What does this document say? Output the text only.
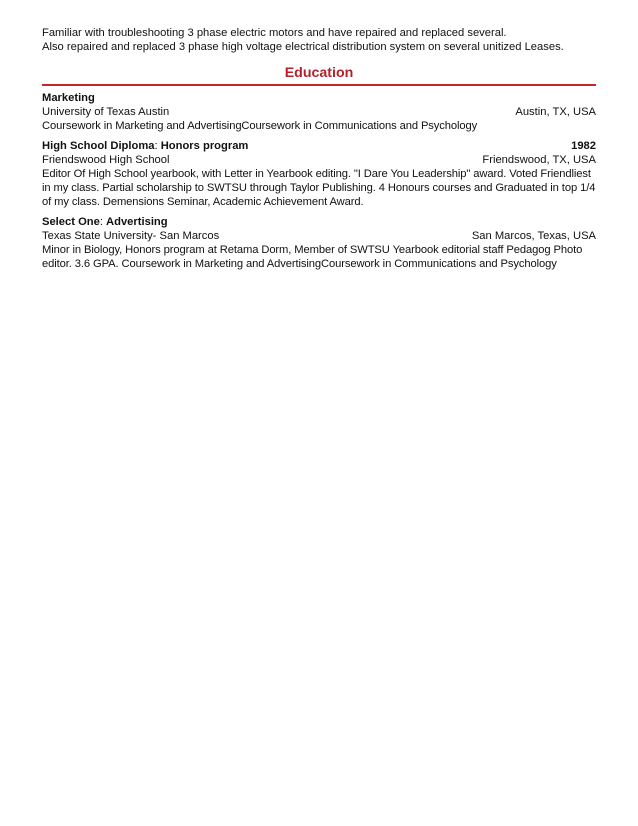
Familiar with troubleshooting 3 phase electric motors and have repaired and replaced several.
Also repaired and replaced 3 phase high voltage electrical distribution system on several unitized Leases.
Education
Marketing
University of Texas Austin	Austin, TX, USA
Coursework in Marketing and AdvertisingCoursework in Communications and Psychology
High School Diploma: Honors program	1982
Friendswood High School	Friendswood, TX, USA
Editor Of High School yearbook, with Letter in Yearbook editing. "I Dare You Leadership" award. Voted Friendliest in my class. Partial scholarship to SWTSU through Taylor Publishing. 4 Honours courses and Graduated in top 1/4 of my class. Demensions Seminar, Academic Achievement Award.
Select One: Advertising
Texas State University- San Marcos	San Marcos, Texas, USA
Minor in Biology, Honors program at Retama Dorm, Member of SWTSU Yearbook editorial staff Pedagog Photo editor. 3.6 GPA. Coursework in Marketing and AdvertisingCoursework in Communications and Psychology
